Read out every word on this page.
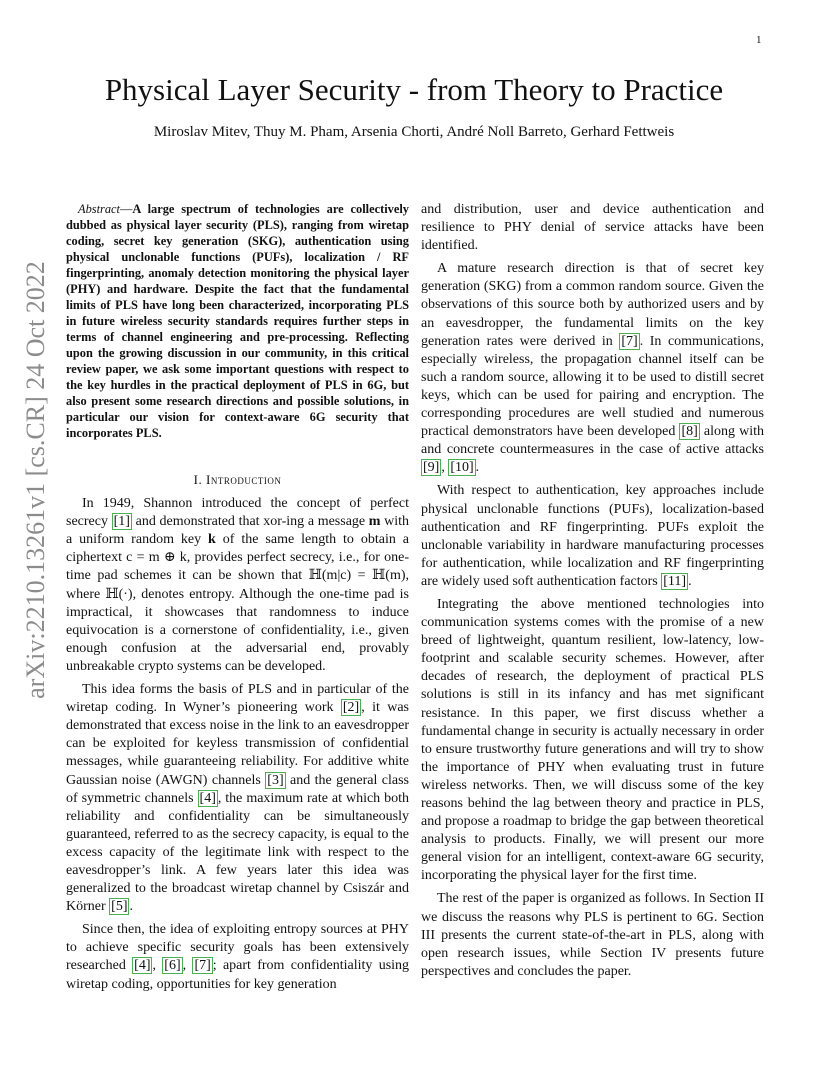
1
arXiv:2210.13261v1 [cs.CR] 24 Oct 2022
Physical Layer Security - from Theory to Practice

Miroslav Mitev, Thuy M. Pham, Arsenia Chorti, André Noll Barreto, Gerhard Fettweis

Abstract—A large spectrum of technologies are collectively dubbed as physical layer security (PLS), ranging from wiretap coding, secret key generation (SKG), authentication using physical unclonable functions (PUFs), localization / RF fingerprinting, anomaly detection monitoring the physical layer (PHY) and hardware. Despite the fact that the fundamental limits of PLS have long been characterized, incorporating PLS in future wireless security standards requires further steps in terms of channel engineering and pre-processing. Reflecting upon the growing discussion in our community, in this critical review paper, we ask some important questions with respect to the key hurdles in the practical deployment of PLS in 6G, but also present some research directions and possible solutions, in particular our vision for context-aware 6G security that incorporates PLS.

I. Introduction

In 1949, Shannon introduced the concept of perfect secrecy [1] and demonstrated that xor-ing a message m with a uniform random key k of the same length to obtain a ciphertext c = m ⊕ k, provides perfect secrecy, i.e., for one-time pad schemes it can be shown that ℍ(m|c) = ℍ(m), where ℍ(·), denotes entropy. Although the one-time pad is impractical, it showcases that randomness to induce equivocation is a cornerstone of confidentiality, i.e., given enough confusion at the adversarial end, provably unbreakable crypto systems can be developed.

This idea forms the basis of PLS and in particular of the wiretap coding. In Wyner’s pioneering work [2] , it was demonstrated that excess noise in the link to an eavesdropper can be exploited for keyless transmission of confidential messages, while guaranteeing reliability. For additive white Gaussian noise (AWGN) channels [3] and the general class of symmetric channels [4] , the maximum rate at which both reliability and confidentiality can be simultaneously guaranteed, referred to as the secrecy capacity, is equal to the excess capacity of the legitimate link with respect to the eavesdropper’s link. A few years later this idea was generalized to the broadcast wiretap channel by Csiszár and Körner [5] .

Since then, the idea of exploiting entropy sources at PHY to achieve specific security goals has been extensively researched [4] , [6] , [7] ; apart from confidentiality using wiretap coding, opportunities for key generation

and distribution, user and device authentication and resilience to PHY denial of service attacks have been identified.

A mature research direction is that of secret key generation (SKG) from a common random source. Given the observations of this source both by authorized users and by an eavesdropper, the fundamental limits on the key generation rates were derived in [7] . In communications, especially wireless, the propagation channel itself can be such a random source, allowing it to be used to distill secret keys, which can be used for pairing and encryption. The corresponding procedures are well studied and numerous practical demonstrators have been developed [8] along with and concrete countermeasures in the case of active attacks [9] , [10] .

With respect to authentication, key approaches include physical unclonable functions (PUFs), localization-based authentication and RF fingerprinting. PUFs exploit the unclonable variability in hardware manufacturing processes for authentication, while localization and RF fingerprinting are widely used soft authentication factors [11] .

Integrating the above mentioned technologies into communication systems comes with the promise of a new breed of lightweight, quantum resilient, low-latency, low-footprint and scalable security schemes. However, after decades of research, the deployment of practical PLS solutions is still in its infancy and has met significant resistance. In this paper, we first discuss whether a fundamental change in security is actually necessary in order to ensure trustworthy future generations and will try to show the importance of PHY when evaluating trust in future wireless networks. Then, we will discuss some of the key reasons behind the lag between theory and practice in PLS, and propose a roadmap to bridge the gap between theoretical analysis to products. Finally, we will present our more general vision for an intelligent, context-aware 6G security, incorporating the physical layer for the first time.

The rest of the paper is organized as follows. In Section II we discuss the reasons why PLS is pertinent to 6G. Section III presents the current state-of-the-art in PLS, along with open research issues, while Section IV presents future perspectives and concludes the paper.
